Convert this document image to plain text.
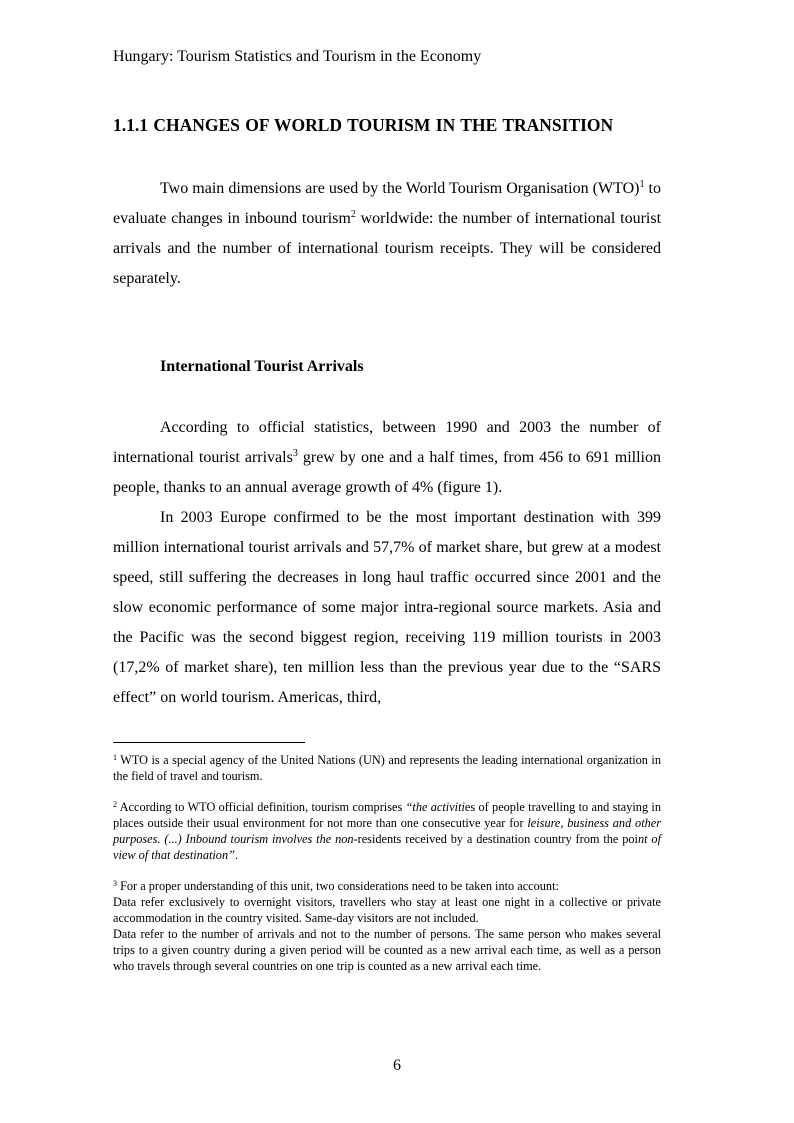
Hungary: Tourism Statistics and Tourism in the Economy
1.1.1 CHANGES OF WORLD TOURISM IN THE TRANSITION

Two main dimensions are used by the World Tourism Organisation (WTO)$^1$ to evaluate changes in inbound tourism$^2$ worldwide: the number of international tourist arrivals and the number of international tourism receipts. They will be considered separately.

International Tourist Arrivals

According to official statistics, between 1990 and 2003 the number of international tourist arrivals$^3$ grew by one and a half times, from 456 to 691 million people, thanks to an annual average growth of 4% (figure 1).

In 2003 Europe confirmed to be the most important destination with 399 million international tourist arrivals and 57,7% of market share, but grew at a modest speed, still suffering the decreases in long haul traffic occurred since 2001 and the slow economic performance of some major intra-regional source markets. Asia and the Pacific was the second biggest region, receiving 119 million tourists in 2003 (17,2% of market share), ten million less than the previous year due to the “SARS effect” on world tourism. Americas, third,

$^1$ WTO is a special agency of the United Nations (UN) and represents the leading international organization in the field of travel and tourism.

$^2$ According to WTO official definition, tourism comprises “the activities of people travelling to and staying in places outside their usual environment for not more than one consecutive year for leisure, business and other purposes. (...) Inbound tourism involves the non-residents received by a destination country from the point of view of that destination”.

$^3$ For a proper understanding of this unit, two considerations need to be taken into account:
Data refer exclusively to overnight visitors, travellers who stay at least one night in a collective or private accommodation in the country visited. Same-day visitors are not included.
Data refer to the number of arrivals and not to the number of persons. The same person who makes several trips to a given country during a given period will be counted as a new arrival each time, as well as a person who travels through several countries on one trip is counted as a new arrival each time.

6
